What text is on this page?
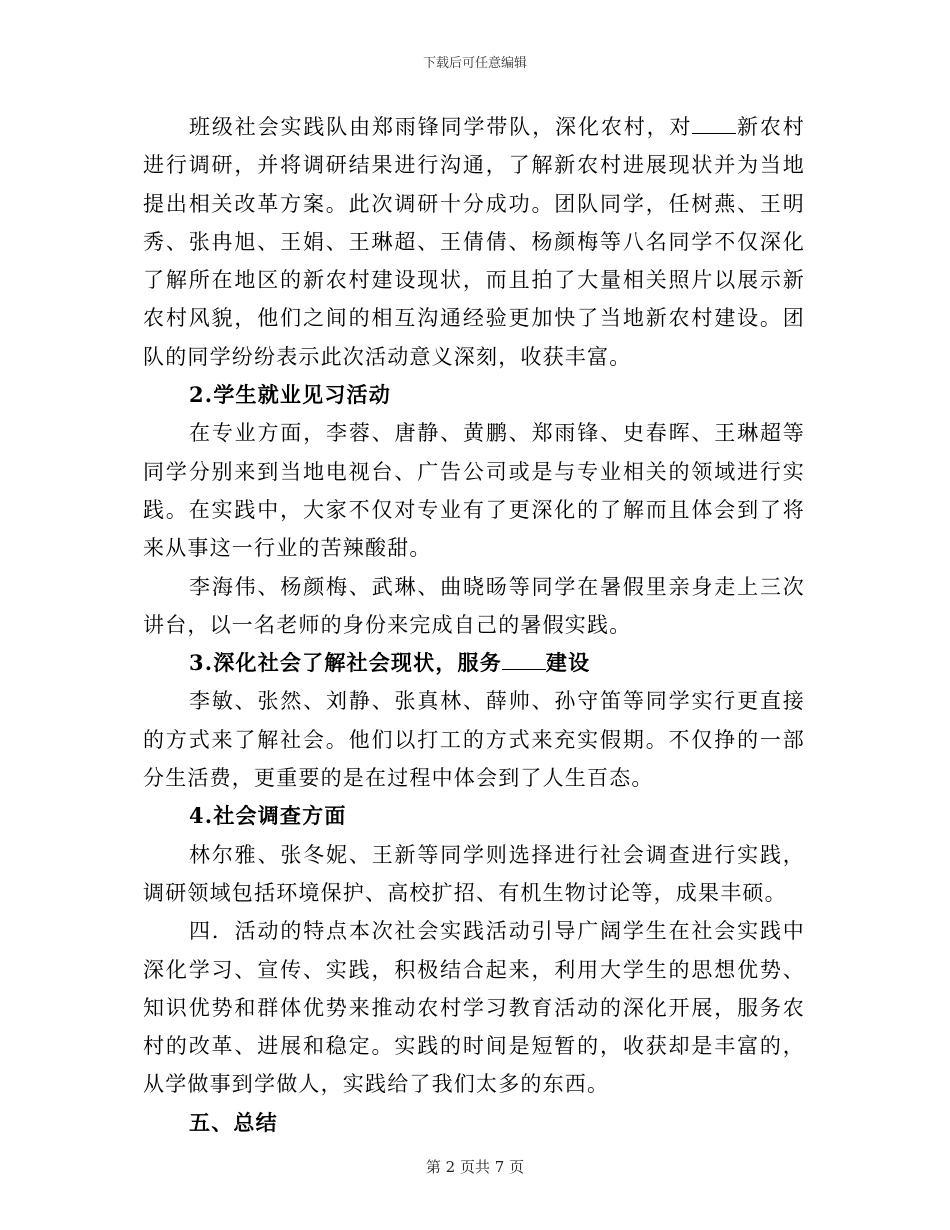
下载后可任意编辑

班级社会实践队由郑雨锋同学带队，深化农村，对 新农村进行调研，并将调研结果进行沟通，了解新农村进展现状并为当地提出相关改革方案。此次调研十分成功。团队同学，任树燕、王明秀、张冉旭、王娟、王琳超、王倩倩、杨颜梅等八名同学不仅深化了解所在地区的新农村建设现状，而且拍了大量相关照片以展示新农村风貌，他们之间的相互沟通经验更加快了当地新农村建设。团队的同学纷纷表示此次活动意义深刻，收获丰富。

2.学生就业见习活动

在专业方面，李蓉、唐静、黄鹏、郑雨锋、史春晖、王琳超等同学分别来到当地电视台、广告公司或是与专业相关的领域进行实践。在实践中，大家不仅对专业有了更深化的了解而且体会到了将来从事这一行业的苦辣酸甜。

李海伟、杨颜梅、武琳、曲晓旸等同学在暑假里亲身走上三次讲台，以一名老师的身份来完成自己的暑假实践。

3.深化社会了解社会现状，服务 建设

李敏、张然、刘静、张真林、薛帅、孙守笛等同学实行更直接的方式来了解社会。他们以打工的方式来充实假期。不仅挣的一部分生活费，更重要的是在过程中体会到了人生百态。

4.社会调查方面

林尔雅、张冬妮、王新等同学则选择进行社会调查进行实践，调研领域包括环境保护、高校扩招、有机生物讨论等，成果丰硕。

四．活动的特点本次社会实践活动引导广阔学生在社会实践中深化学习、宣传、实践，积极结合起来，利用大学生的思想优势、知识优势和群体优势来推动农村学习教育活动的深化开展，服务农村的改革、进展和稳定。实践的时间是短暂的，收获却是丰富的，从学做事到学做人，实践给了我们太多的东西。

五、总结

第 2 页共 7 页
